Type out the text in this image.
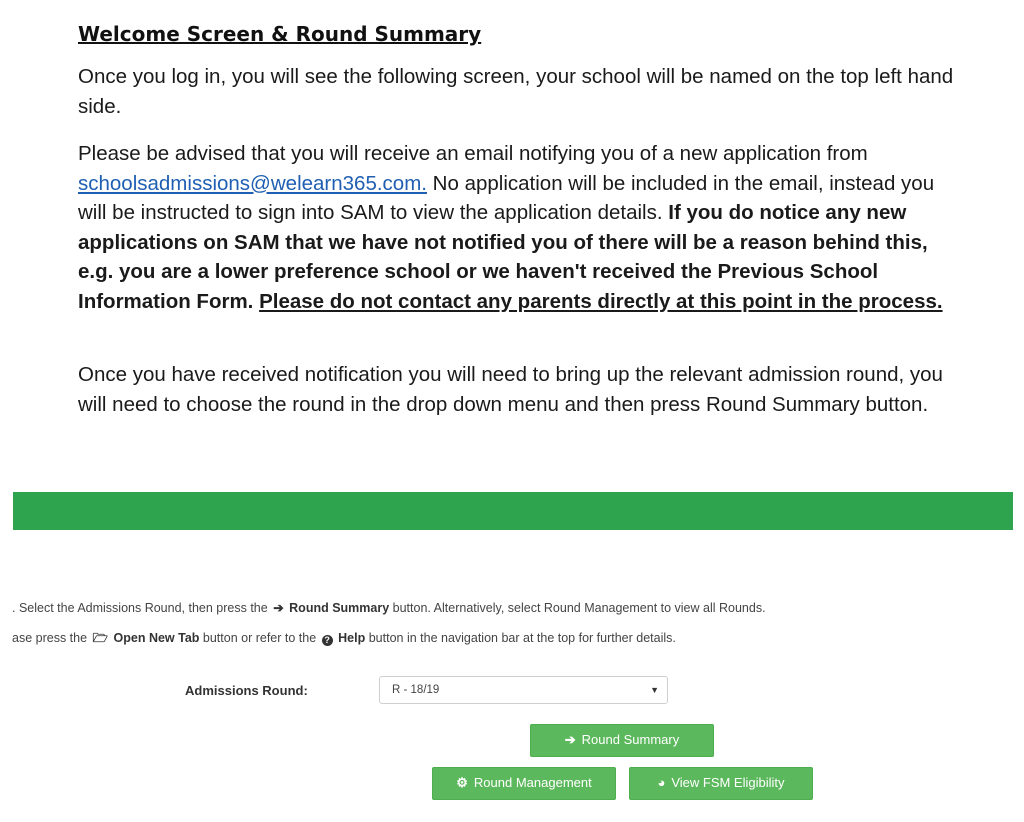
Welcome Screen & Round Summary

Once you log in, you will see the following screen, your school will be named on the top left hand side.

Please be advised that you will receive an email notifying you of a new application from schoolsadmissions@welearn365.com. No application will be included in the email, instead you will be instructed to sign into SAM to view the application details. If you do notice any new applications on SAM that we have not notified you of there will be a reason behind this, e.g. you are a lower preference school or we haven't received the Previous School Information Form. Please do not contact any parents directly at this point in the process.

Once you have received notification you will need to bring up the relevant admission round, you will need to choose the round in the drop down menu and then press Round Summary button.

. Select the Admissions Round, then press the ➔ Round Summary button. Alternatively, select Round Management to view all Rounds.
ase press the 🗁 Open New Tab button or refer to the ? Help button in the navigation bar at the top for further details.
Admissions Round:	R - 18/19	▼
➔ Round Summary
⚙ Round Management	◕ View FSM Eligibility
